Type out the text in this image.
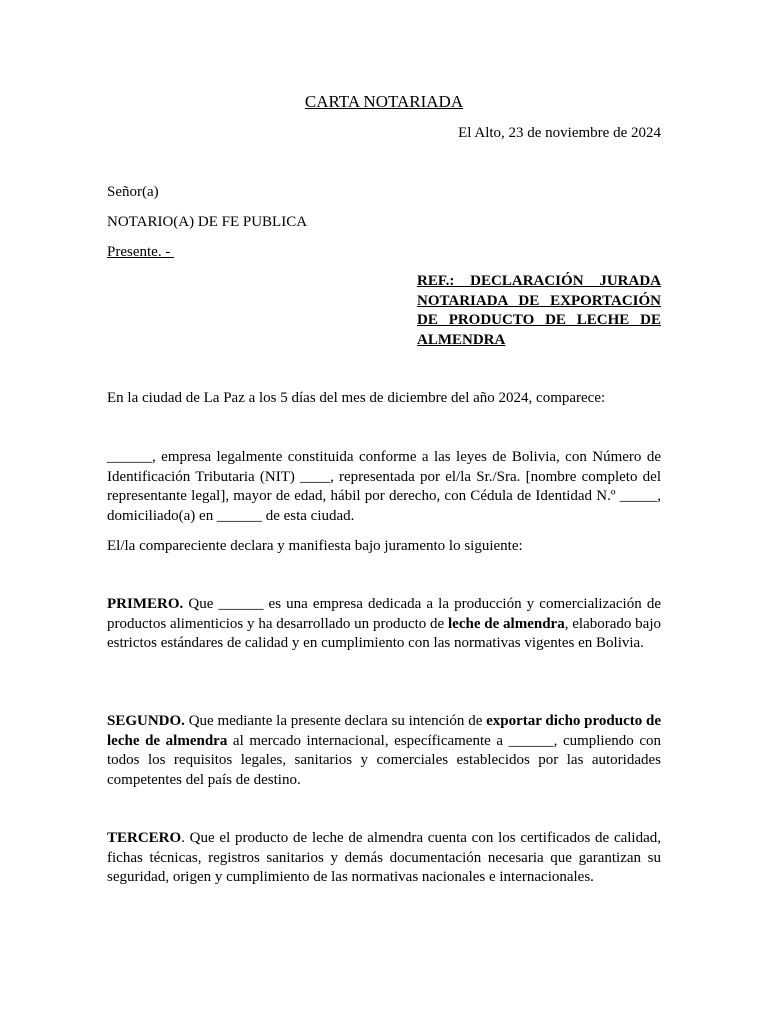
CARTA NOTARIADA
El Alto, 23 de noviembre de 2024
Señor(a)
NOTARIO(A) DE FE PUBLICA
Presente. -
REF.: DECLARACIÓN JURADA NOTARIADA DE EXPORTACIÓN DE PRODUCTO DE LECHE DE ALMENDRA
En la ciudad de La Paz a los 5 días del mes de diciembre del año 2024, comparece:
______, empresa legalmente constituida conforme a las leyes de Bolivia, con Número de Identificación Tributaria (NIT) ____, representada por el/la Sr./Sra. [nombre completo del representante legal], mayor de edad, hábil por derecho, con Cédula de Identidad N.º _____, domiciliado(a) en ______ de esta ciudad.
El/la compareciente declara y manifiesta bajo juramento lo siguiente:
PRIMERO. Que ______ es una empresa dedicada a la producción y comercialización de productos alimenticios y ha desarrollado un producto de leche de almendra, elaborado bajo estrictos estándares de calidad y en cumplimiento con las normativas vigentes en Bolivia.
SEGUNDO. Que mediante la presente declara su intención de exportar dicho producto de leche de almendra al mercado internacional, específicamente a ______, cumpliendo con todos los requisitos legales, sanitarios y comerciales establecidos por las autoridades competentes del país de destino.
TERCERO. Que el producto de leche de almendra cuenta con los certificados de calidad, fichas técnicas, registros sanitarios y demás documentación necesaria que garantizan su seguridad, origen y cumplimiento de las normativas nacionales e internacionales.
